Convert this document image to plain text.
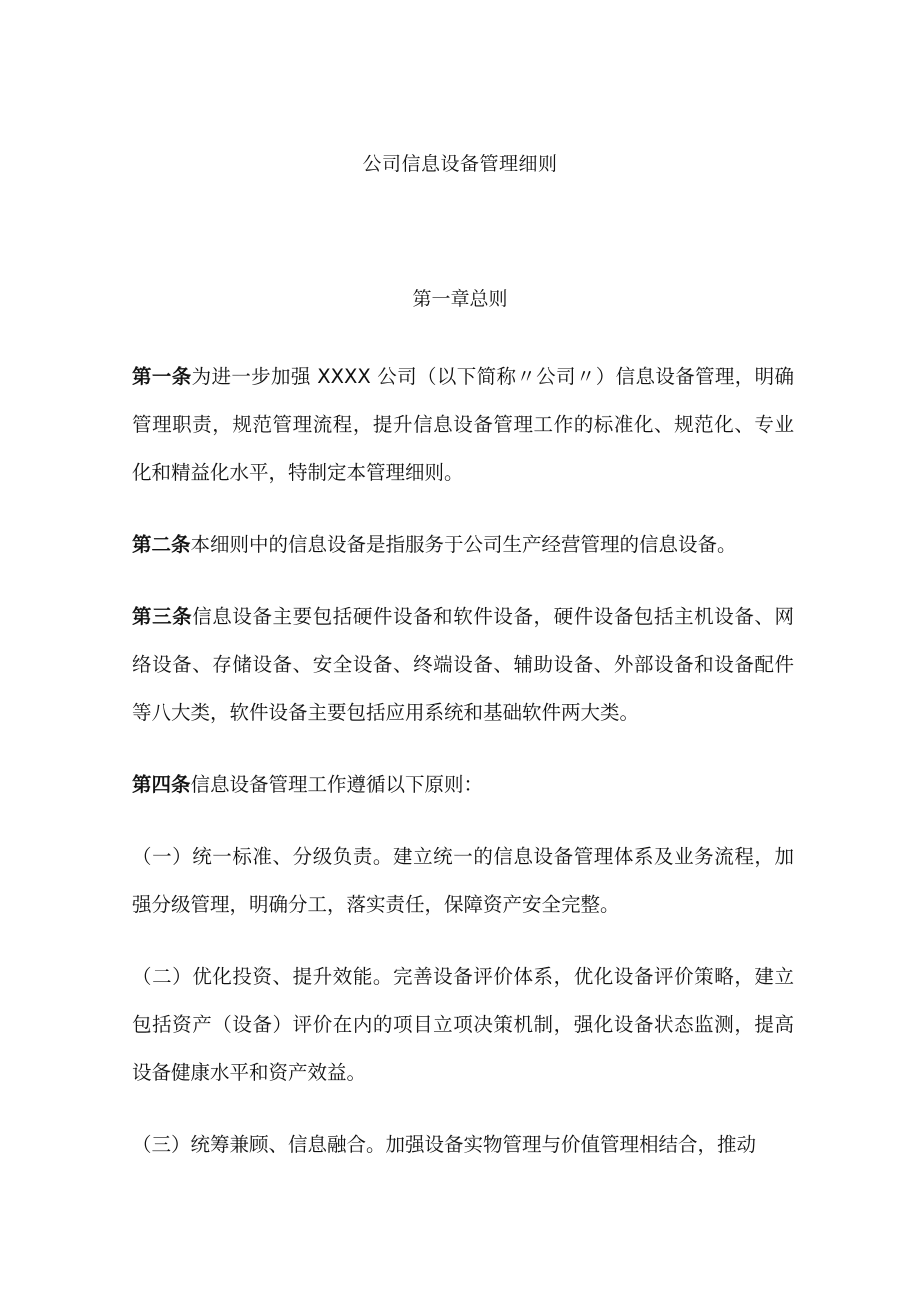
公司信息设备管理细则
第一章总则

第一条为进一步加强 XXXX 公司（以下简称〃公司〃）信息设备管理，明确管理职责，规范管理流程，提升信息设备管理工作的标准化、规范化、专业化和精益化水平，特制定本管理细则。

第二条本细则中的信息设备是指服务于公司生产经营管理的信息设备。

第三条信息设备主要包括硬件设备和软件设备，硬件设备包括主机设备、网络设备、存储设备、安全设备、终端设备、辅助设备、外部设备和设备配件等八大类，软件设备主要包括应用系统和基础软件两大类。

第四条信息设备管理工作遵循以下原则：

（一）统一标准、分级负责。建立统一的信息设备管理体系及业务流程，加强分级管理，明确分工，落实责任，保障资产安全完整。

（二）优化投资、提升效能。完善设备评价体系，优化设备评价策略，建立包括资产（设备）评价在内的项目立项决策机制，强化设备状态监测，提高设备健康水平和资产效益。

（三）统筹兼顾、信息融合。加强设备实物管理与价值管理相结合，推动
